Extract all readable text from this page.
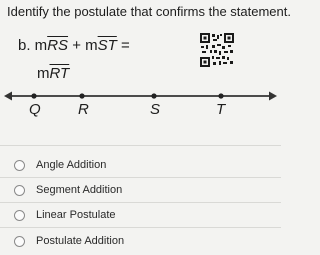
Identify the postulate that confirms the statement.
b. $m\overline{RS} + m\overline{ST}$ =
$m\overline{RT}$
Q R	S	T
Angle Addition
Segment Addition
Linear Postulate
Postulate Addition
